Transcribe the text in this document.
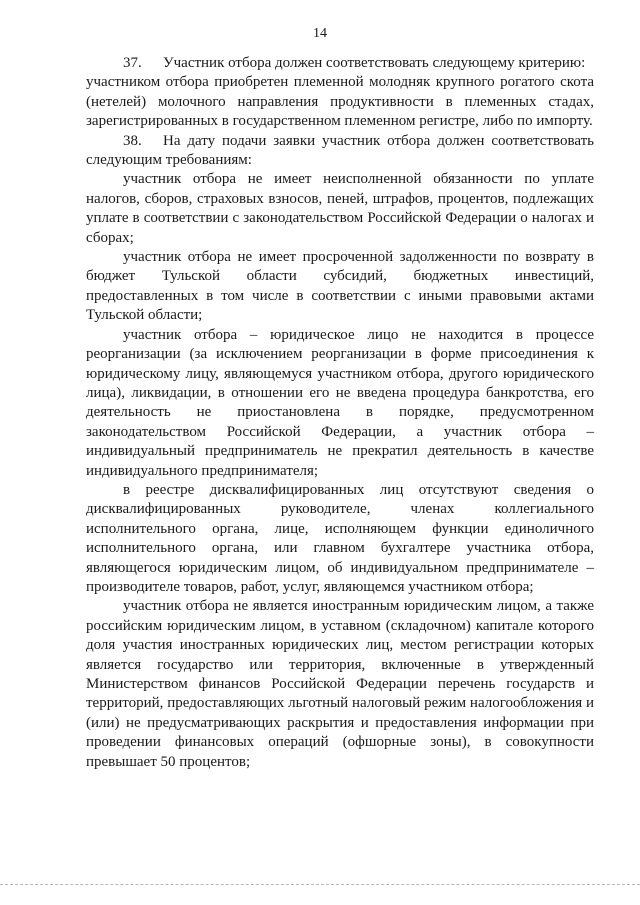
14

37. Участник отбора должен соответствовать следующему критерию:

участником отбора приобретен племенной молодняк крупного рогатого скота (нетелей) молочного направления продуктивности в племенных стадах, зарегистрированных в государственном племенном регистре, либо по импорту.

38. На дату подачи заявки участник отбора должен соответствовать следующим требованиям:

участник отбора не имеет неисполненной обязанности по уплате налогов, сборов, страховых взносов, пеней, штрафов, процентов, подлежащих уплате в соответствии с законодательством Российской Федерации о налогах и сборах;

участник отбора не имеет просроченной задолженности по возврату в бюджет Тульской области субсидий, бюджетных инвестиций, предоставленных в том числе в соответствии с иными правовыми актами Тульской области;

участник отбора – юридическое лицо не находится в процессе реорганизации (за исключением реорганизации в форме присоединения к юридическому лицу, являющемуся участником отбора, другого юридического лица), ликвидации, в отношении его не введена процедура банкротства, его деятельность не приостановлена в порядке, предусмотренном законодательством Российской Федерации, а участник отбора – индивидуальный предприниматель не прекратил деятельность в качестве индивидуального предпринимателя;

в реестре дисквалифицированных лиц отсутствуют сведения о дисквалифицированных руководителе, членах коллегиального исполнительного органа, лице, исполняющем функции единоличного исполнительного органа, или главном бухгалтере участника отбора, являющегося юридическим лицом, об индивидуальном предпринимателе – производителе товаров, работ, услуг, являющемся участником отбора;

участник отбора не является иностранным юридическим лицом, а также российским юридическим лицом, в уставном (складочном) капитале которого доля участия иностранных юридических лиц, местом регистрации которых является государство или территория, включенные в утвержденный Министерством финансов Российской Федерации перечень государств и территорий, предоставляющих льготный налоговый режим налогообложения и (или) не предусматривающих раскрытия и предоставления информации при проведении финансовых операций (офшорные зоны), в совокупности превышает 50 процентов;
